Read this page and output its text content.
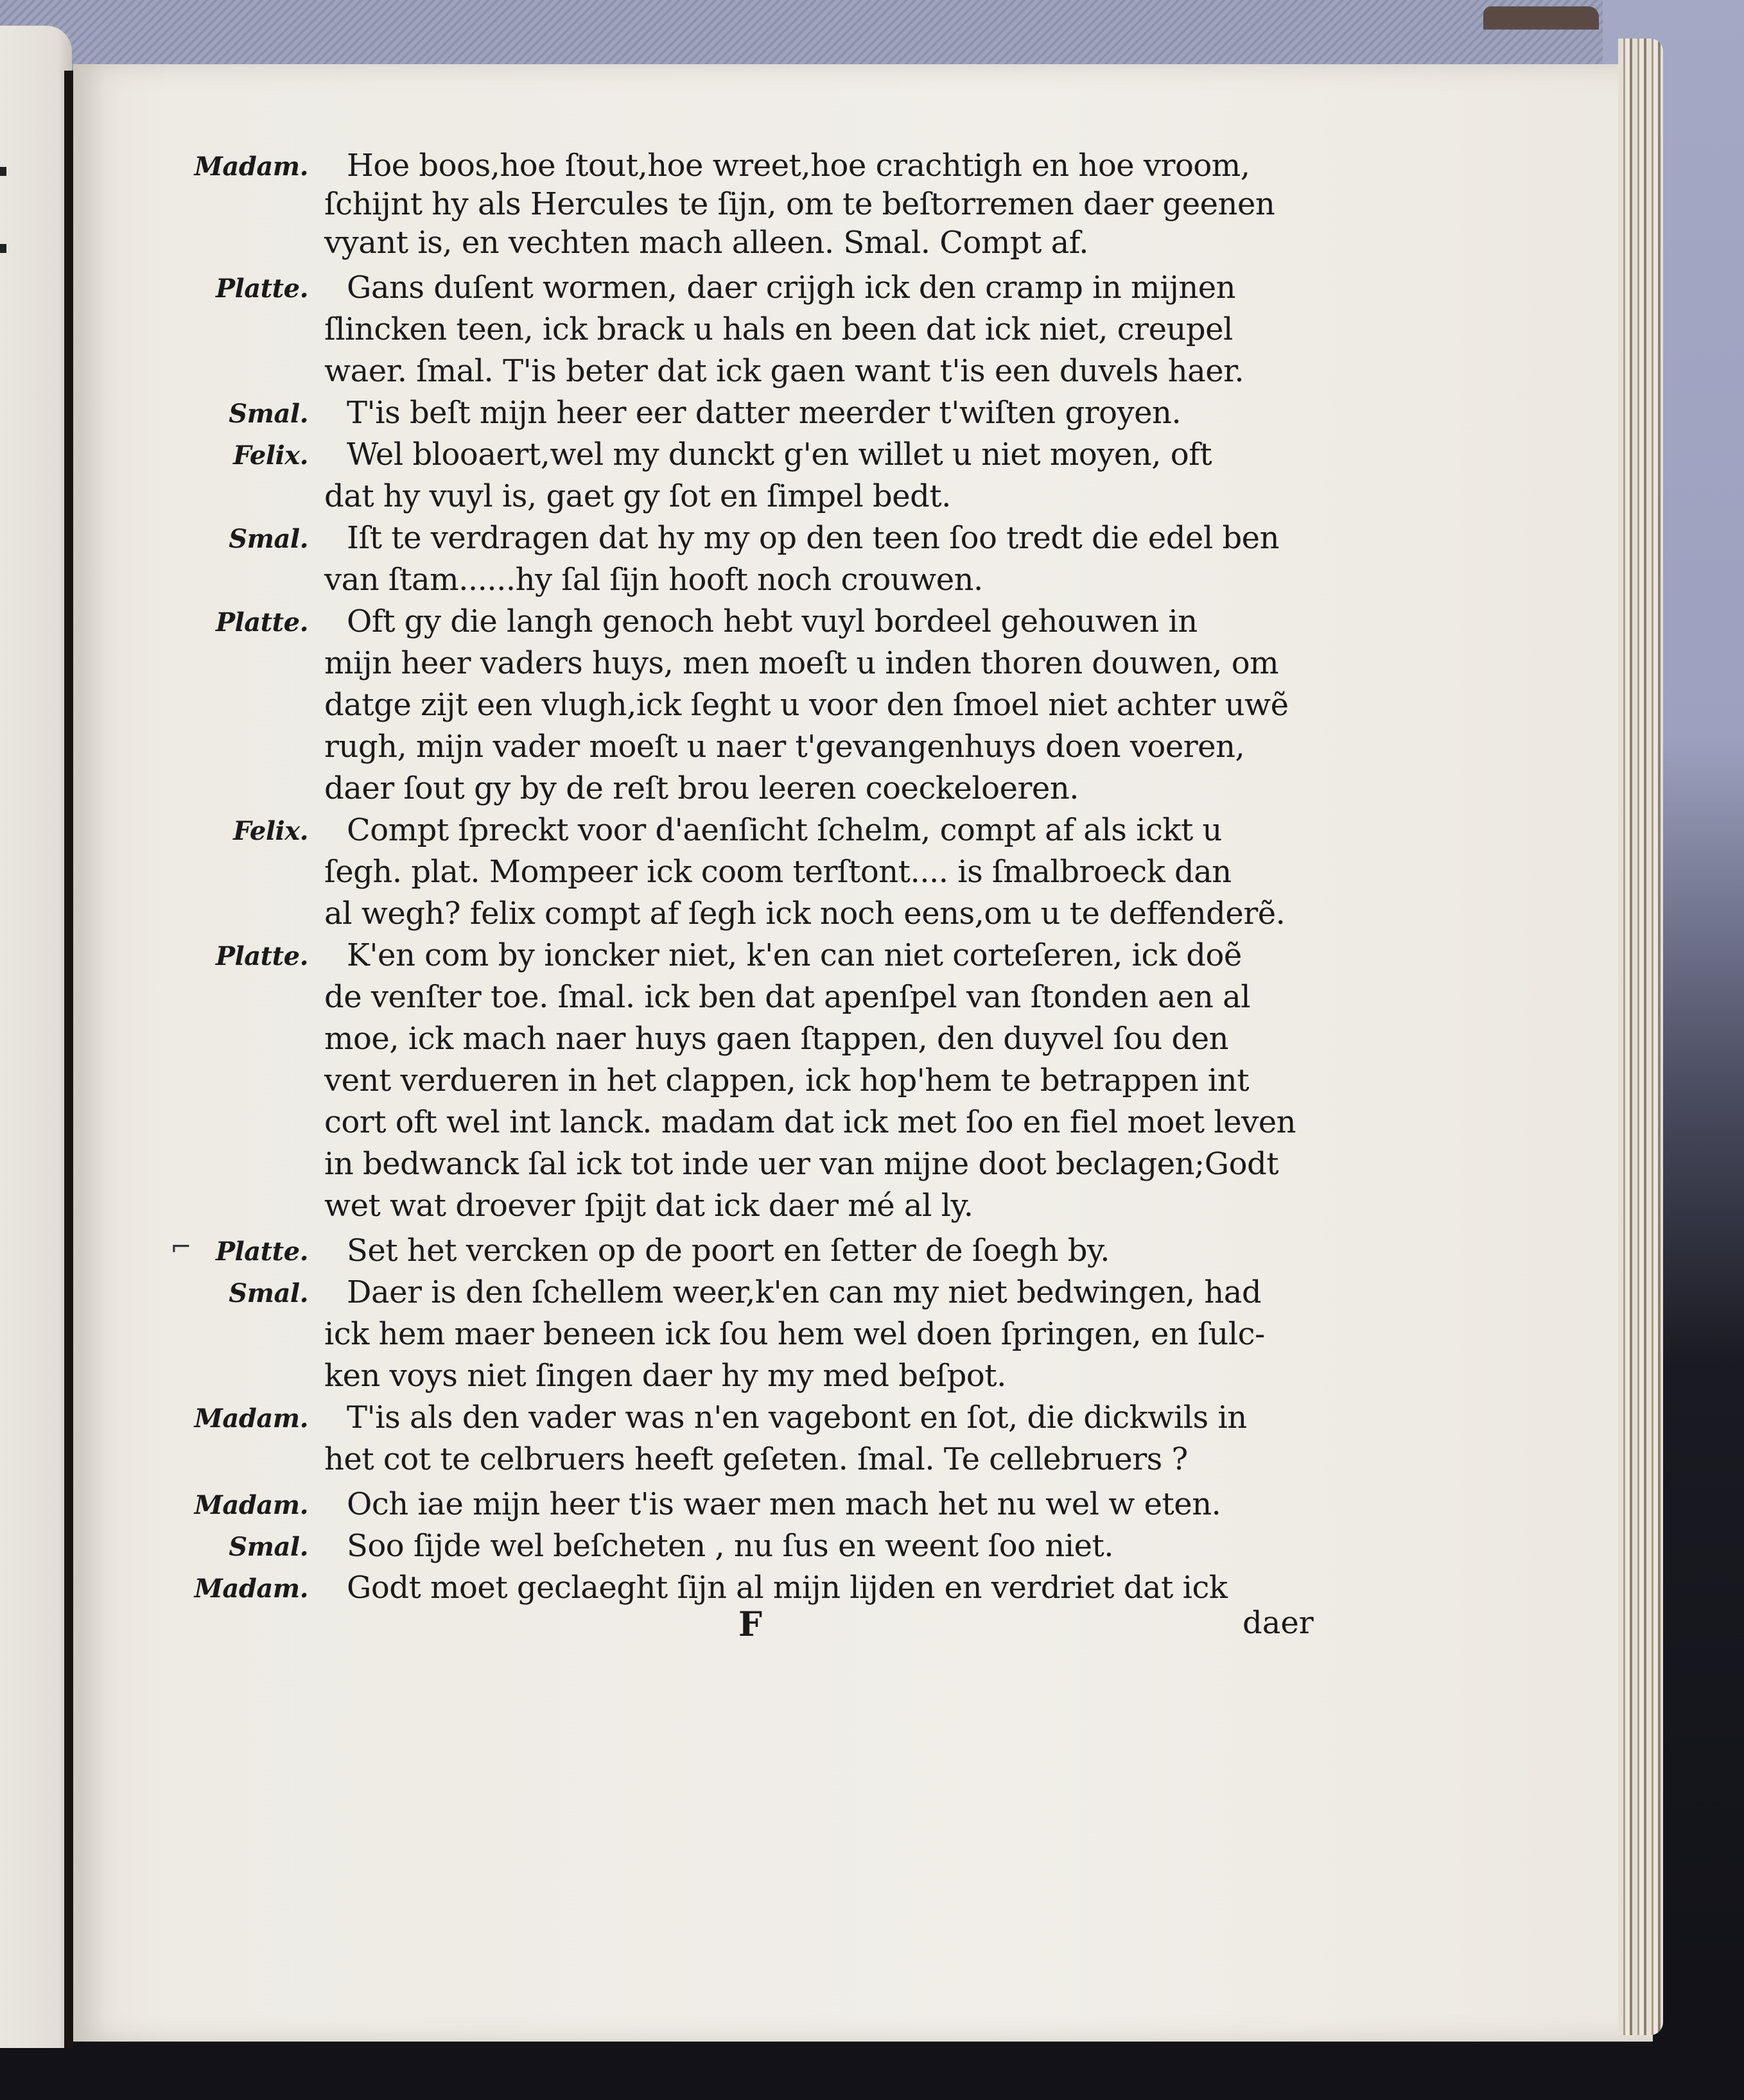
Madam. Hoe boos,hoe ſtout,hoe wreet,hoe crachtigh en hoe vroom,
ſchijnt hy als Hercules te ſijn, om te beſtorremen daer geenen
vyant is, en vechten mach alleen. Smal. Compt af.
Platte. Gans duſent wormen, daer crijgh ick den cramp in mijnen
ſlincken teen, ick brack u hals en been dat ick niet, creupel
waer. ſmal. T'is beter dat ick gaen want t'is een duvels haer.
Smal. T'is beſt mijn heer eer datter meerder t'wiſten groyen.
Felix. Wel blooaert,wel my dunckt g'en willet u niet moyen, oft
dat hy vuyl is, gaet gy ſot en ſimpel bedt.
Smal. Iſt te verdragen dat hy my op den teen ſoo tredt die edel ben
van ſtam......hy ſal ſijn hooft noch crouwen.
Platte. Oft gy die langh genoch hebt vuyl bordeel gehouwen in
mijn heer vaders huys, men moeſt u inden thoren douwen, om
datge zijt een vlugh,ick ſeght u voor den ſmoel niet achter uwẽ
rugh, mijn vader moeſt u naer t'gevangenhuys doen voeren,
daer ſout gy by de reſt brou leeren coeckeloeren.
Felix. Compt ſpreckt voor d'aenſicht ſchelm, compt af als ickt u
ſegh. plat. Mompeer ick coom terſtont.... is ſmalbroeck dan
al wegh? felix compt af ſegh ick noch eens,om u te deffenderẽ.
Platte. K'en com by ioncker niet, k'en can niet corteſeren, ick doẽ
de venſter toe. ſmal. ick ben dat apenſpel van ſtonden aen al
moe, ick mach naer huys gaen ſtappen, den duyvel ſou den
vent verdueren in het clappen, ick hop'hem te betrappen int
cort oft wel int lanck. madam dat ick met ſoo en fiel moet leven
in bedwanck ſal ick tot inde uer van mijne doot beclagen;Godt
wet wat droever ſpijt dat ick daer mé al ly.
Platte. Set het vercken op de poort en ſetter de ſoegh by.
Smal. Daer is den ſchellem weer,k'en can my niet bedwingen, had
ick hem maer beneen ick ſou hem wel doen ſpringen, en ſulc-
ken voys niet ſingen daer hy my med beſpot.
Madam. T'is als den vader was n'en vagebont en ſot, die dickwils in
het cot te celbruers heeft geſeten. ſmal. Te cellebruers ?
Madam. Och iae mijn heer t'is waer men mach het nu wel w eten.
Smal. Soo ſijde wel beſcheten , nu ſus en weent ſoo niet.
Madam. Godt moet geclaeght ſijn al mijn lijden en verdriet dat ick
⌐
F	daer
